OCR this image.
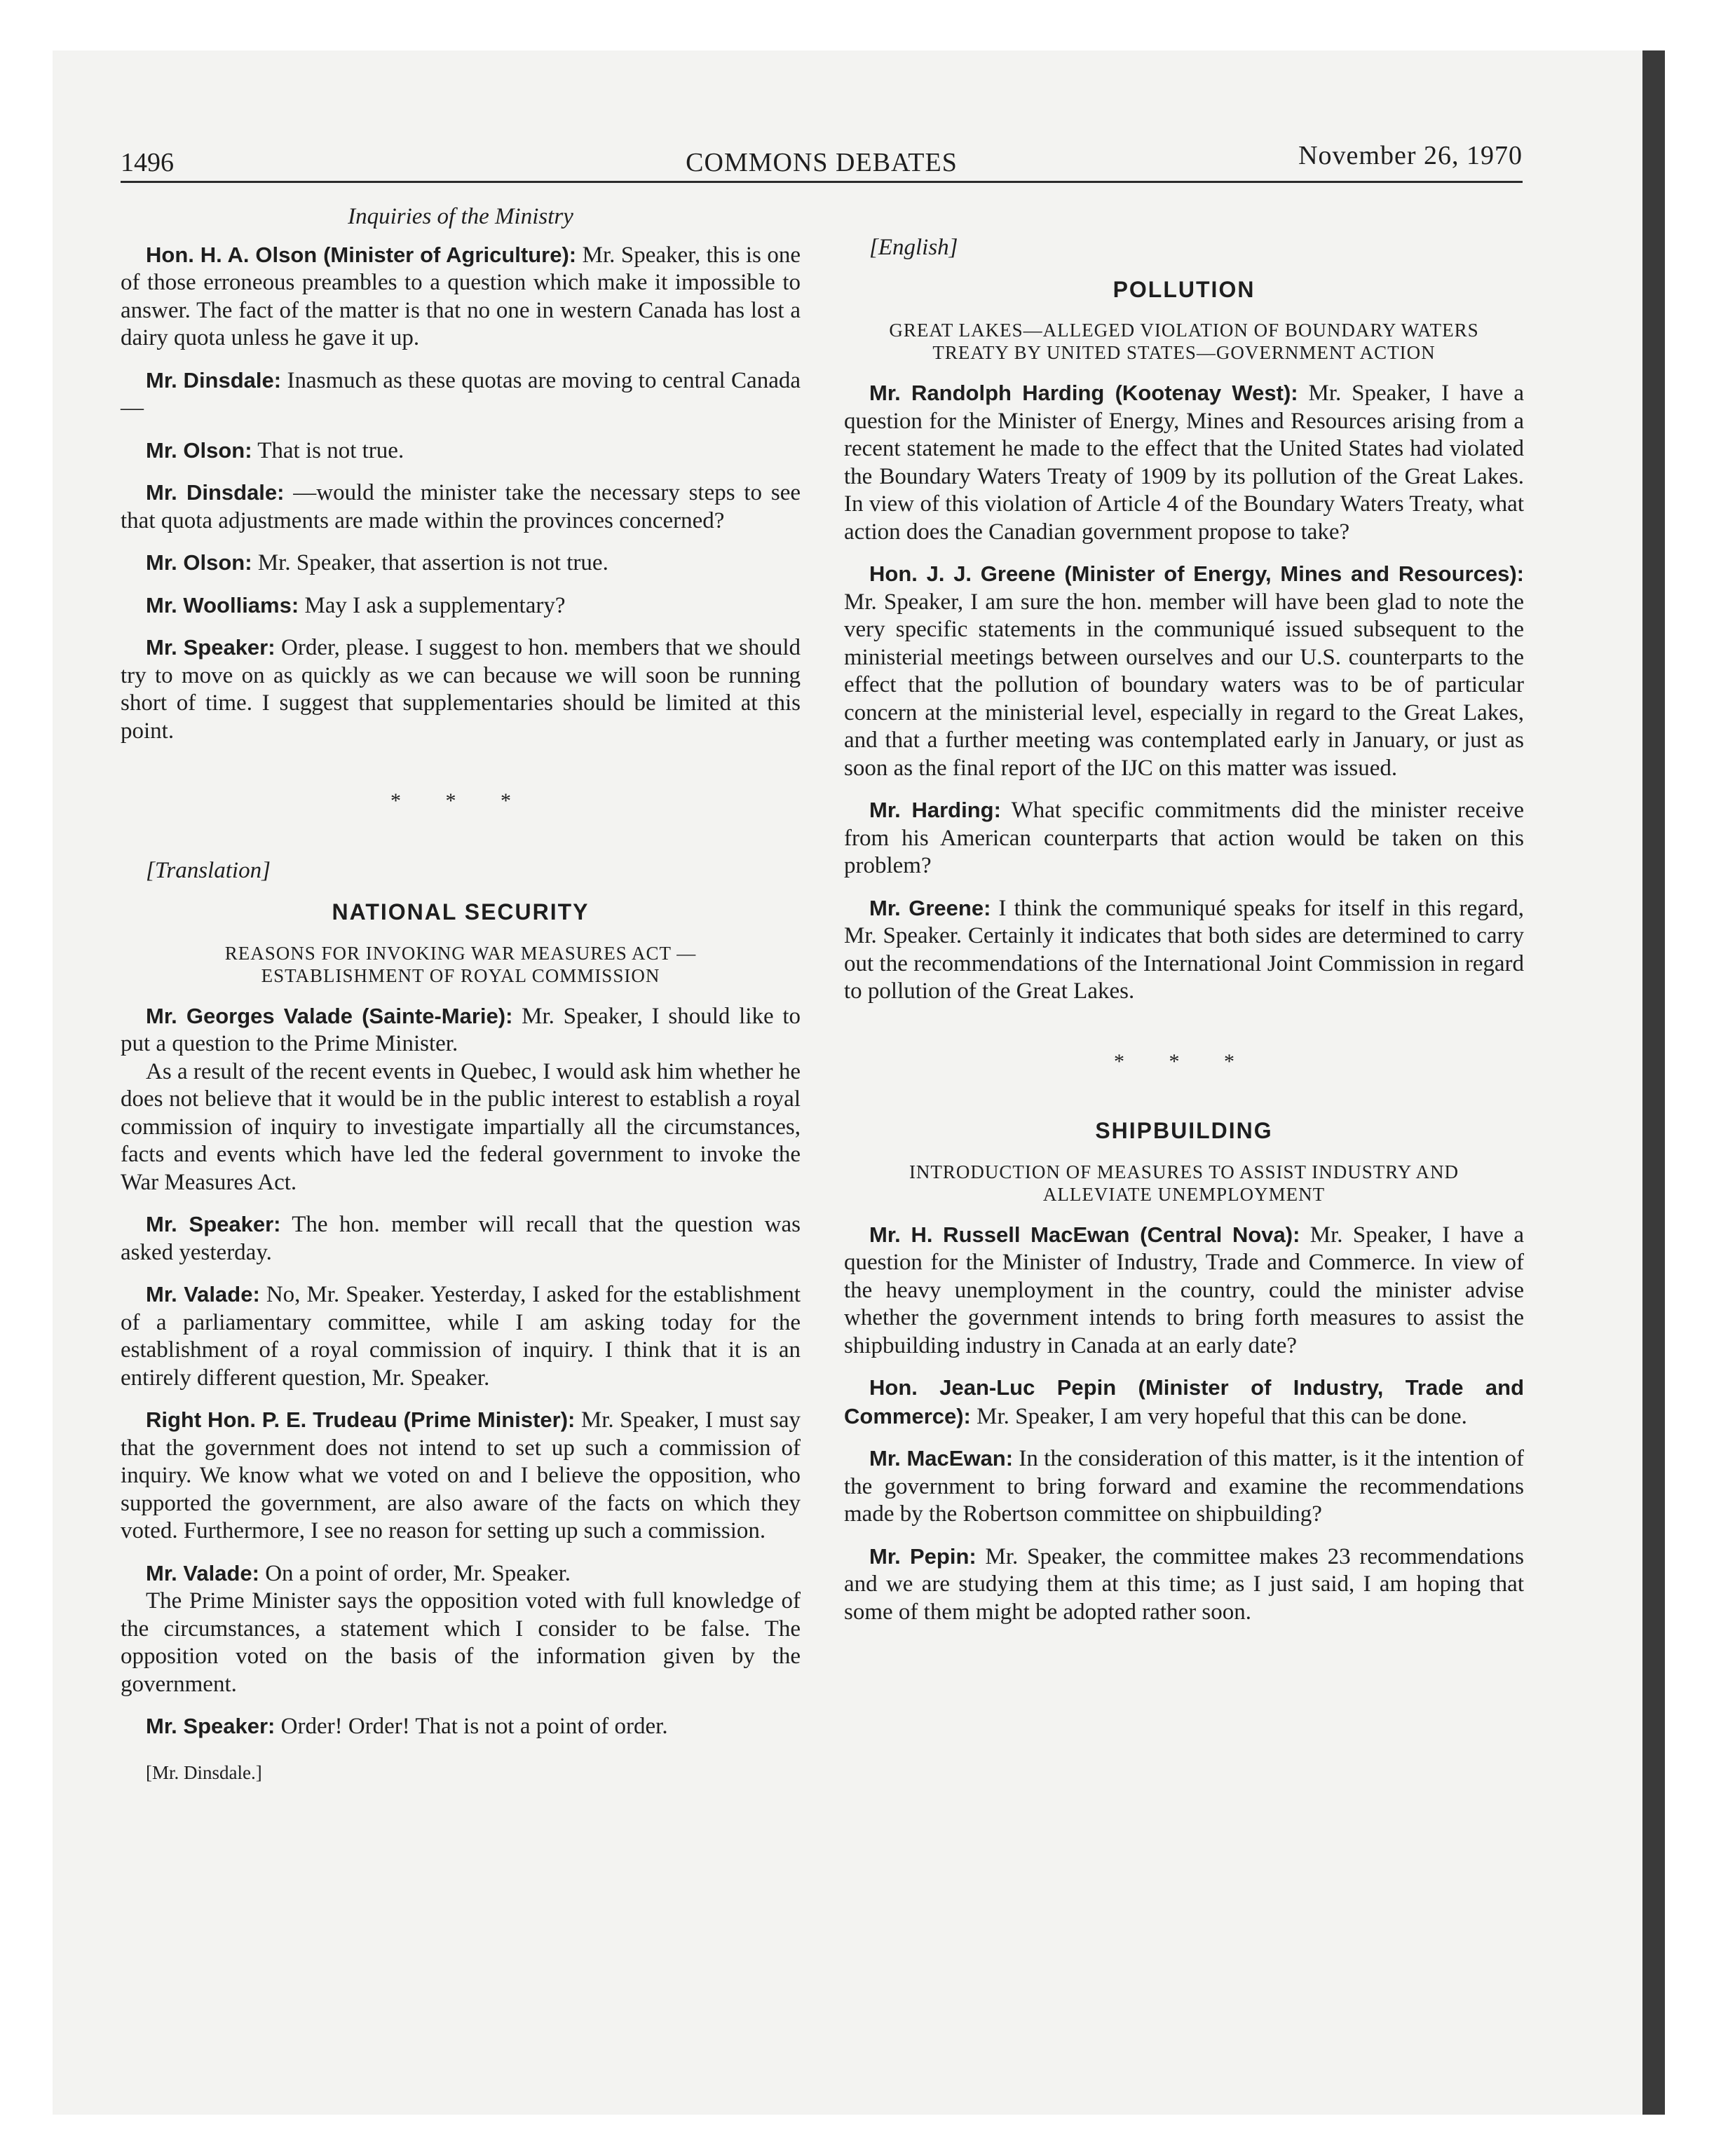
1496	COMMONS DEBATES	November 26, 1970
Inquiries of the Ministry

Hon. H. A. Olson (Minister of Agriculture): Mr. Speaker, this is one of those erroneous preambles to a question which make it impossible to answer. The fact of the matter is that no one in western Canada has lost a dairy quota unless he gave it up.

Mr. Dinsdale: Inasmuch as these quotas are moving to central Canada—

Mr. Olson: That is not true.

Mr. Dinsdale: —would the minister take the necessary steps to see that quota adjustments are made within the provinces concerned?

Mr. Olson: Mr. Speaker, that assertion is not true.

Mr. Woolliams: May I ask a supplementary?

Mr. Speaker: Order, please. I suggest to hon. members that we should try to move on as quickly as we can because we will soon be running short of time. I suggest that supplementaries should be limited at this point.

* * *

[Translation]

NATIONAL SECURITY
REASONS FOR INVOKING WAR MEASURES ACT —ESTABLISHMENT OF ROYAL COMMISSION

Mr. Georges Valade (Sainte-Marie): Mr. Speaker, I should like to put a question to the Prime Minister.

As a result of the recent events in Quebec, I would ask him whether he does not believe that it would be in the public interest to establish a royal commission of inquiry to investigate impartially all the circumstances, facts and events which have led the federal government to invoke the War Measures Act.

Mr. Speaker: The hon. member will recall that the question was asked yesterday.

Mr. Valade: No, Mr. Speaker. Yesterday, I asked for the establishment of a parliamentary committee, while I am asking today for the establishment of a royal commission of inquiry. I think that it is an entirely different question, Mr. Speaker.

Right Hon. P. E. Trudeau (Prime Minister): Mr. Speaker, I must say that the government does not intend to set up such a commission of inquiry. We know what we voted on and I believe the opposition, who supported the government, are also aware of the facts on which they voted. Furthermore, I see no reason for setting up such a commission.

Mr. Valade: On a point of order, Mr. Speaker.

The Prime Minister says the opposition voted with full knowledge of the circumstances, a statement which I consider to be false. The opposition voted on the basis of the information given by the government.

Mr. Speaker: Order! Order! That is not a point of order.

[Mr. Dinsdale.]

[English]

POLLUTION
GREAT LAKES—ALLEGED VIOLATION OF BOUNDARY WATERS TREATY BY UNITED STATES—GOVERNMENT ACTION

Mr. Randolph Harding (Kootenay West): Mr. Speaker, I have a question for the Minister of Energy, Mines and Resources arising from a recent statement he made to the effect that the United States had violated the Boundary Waters Treaty of 1909 by its pollution of the Great Lakes. In view of this violation of Article 4 of the Boundary Waters Treaty, what action does the Canadian government propose to take?

Hon. J. J. Greene (Minister of Energy, Mines and Resources): Mr. Speaker, I am sure the hon. member will have been glad to note the very specific statements in the communiqué issued subsequent to the ministerial meetings between ourselves and our U.S. counterparts to the effect that the pollution of boundary waters was to be of particular concern at the ministerial level, especially in regard to the Great Lakes, and that a further meeting was contemplated early in January, or just as soon as the final report of the IJC on this matter was issued.

Mr. Harding: What specific commitments did the minister receive from his American counterparts that action would be taken on this problem?

Mr. Greene: I think the communiqué speaks for itself in this regard, Mr. Speaker. Certainly it indicates that both sides are determined to carry out the recommendations of the International Joint Commission in regard to pollution of the Great Lakes.

* * *
SHIPBUILDING
INTRODUCTION OF MEASURES TO ASSIST INDUSTRY AND ALLEVIATE UNEMPLOYMENT

Mr. H. Russell MacEwan (Central Nova): Mr. Speaker, I have a question for the Minister of Industry, Trade and Commerce. In view of the heavy unemployment in the country, could the minister advise whether the government intends to bring forth measures to assist the shipbuilding industry in Canada at an early date?

Hon. Jean-Luc Pepin (Minister of Industry, Trade and Commerce): Mr. Speaker, I am very hopeful that this can be done.

Mr. MacEwan: In the consideration of this matter, is it the intention of the government to bring forward and examine the recommendations made by the Robertson committee on shipbuilding?

Mr. Pepin: Mr. Speaker, the committee makes 23 recommendations and we are studying them at this time; as I just said, I am hoping that some of them might be adopted rather soon.
